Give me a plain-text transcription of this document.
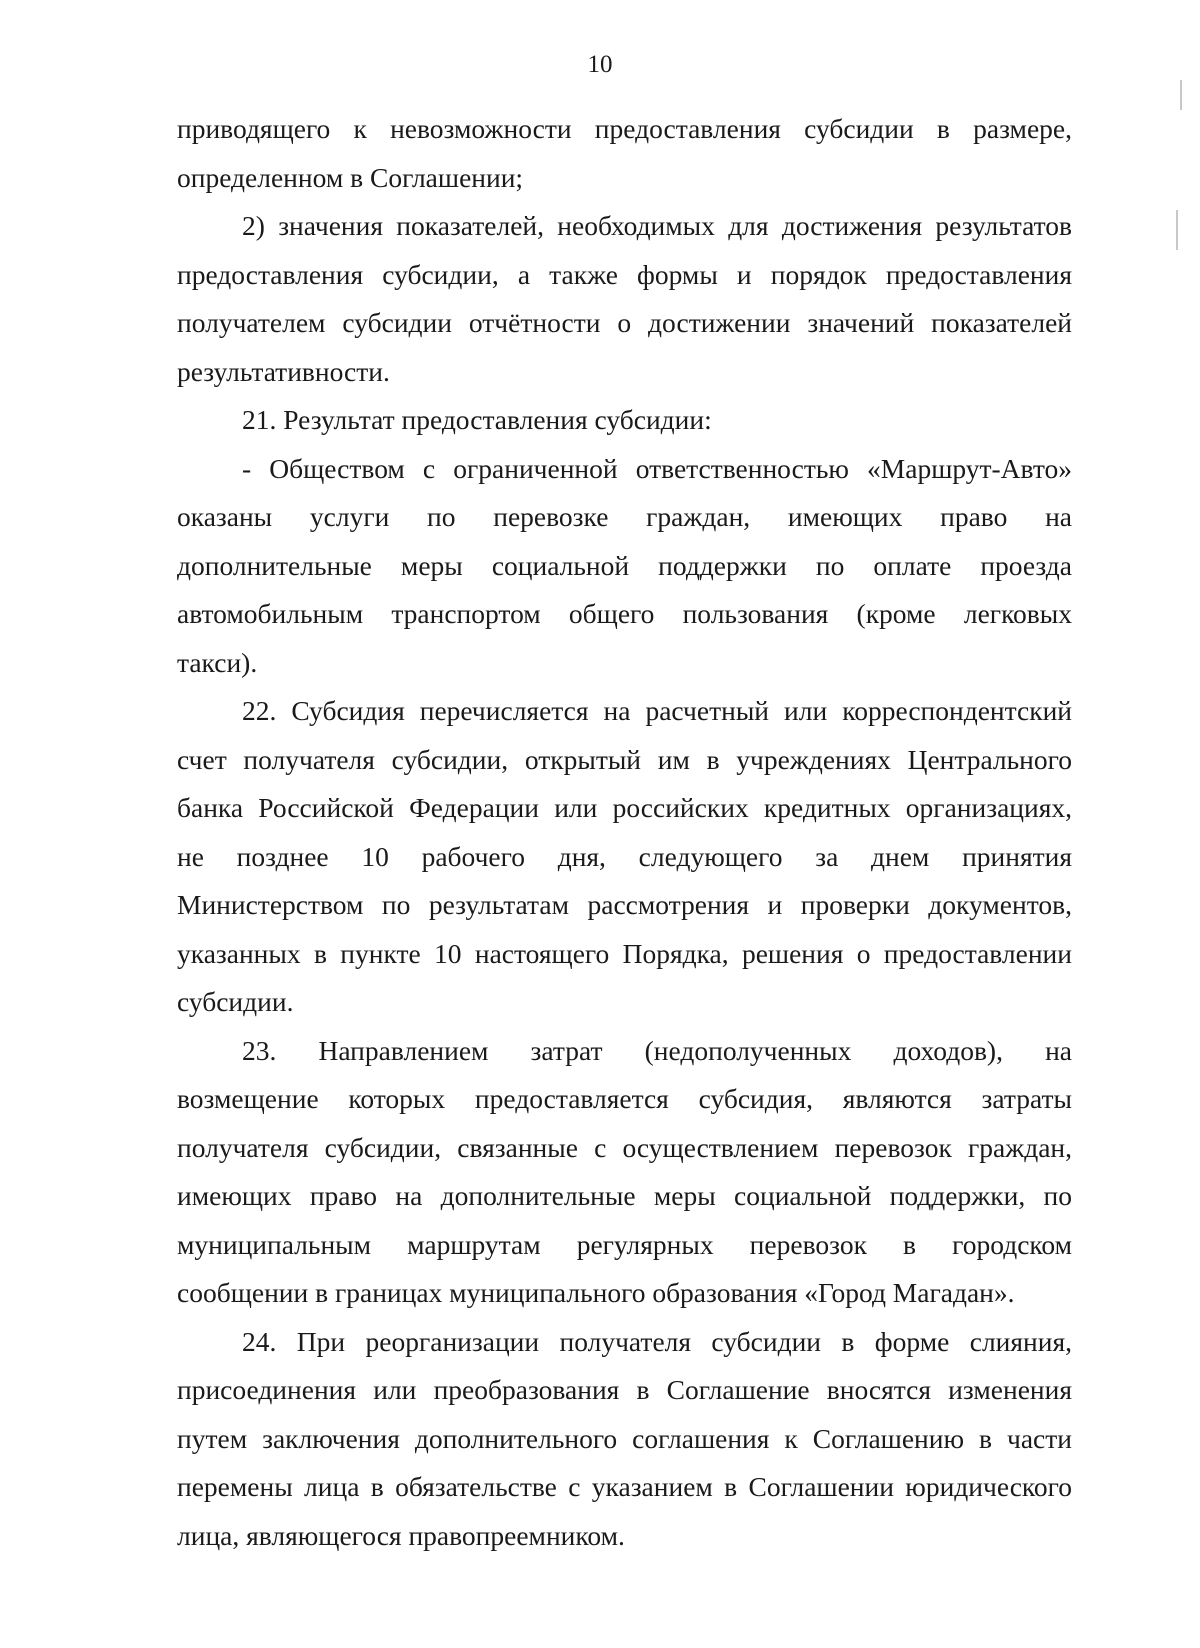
10
приводящего к невозможности предоставления субсидии в размере,
определенном в Соглашении;
2) значения показателей, необходимых для достижения результатов
предоставления субсидии, а также формы и порядок предоставления
получателем субсидии отчётности о достижении значений показателей
результативности.
21. Результат предоставления субсидии:
- Обществом с ограниченной ответственностью «Маршрут-Авто»
оказаны услуги по перевозке граждан, имеющих право на
дополнительные меры социальной поддержки по оплате проезда
автомобильным транспортом общего пользования (кроме легковых
такси).
22. Субсидия перечисляется на расчетный или корреспондентский
счет получателя субсидии, открытый им в учреждениях Центрального
банка Российской Федерации или российских кредитных организациях,
не позднее 10 рабочего дня, следующего за днем принятия
Министерством по результатам рассмотрения и проверки документов,
указанных в пункте 10 настоящего Порядка, решения о предоставлении
субсидии.
23. Направлением затрат (недополученных доходов), на
возмещение которых предоставляется субсидия, являются затраты
получателя субсидии, связанные с осуществлением перевозок граждан,
имеющих право на дополнительные меры социальной поддержки, по
муниципальным маршрутам регулярных перевозок в городском
сообщении в границах муниципального образования «Город Магадан».
24. При реорганизации получателя субсидии в форме слияния,
присоединения или преобразования в Соглашение вносятся изменения
путем заключения дополнительного соглашения к Соглашению в части
перемены лица в обязательстве с указанием в Соглашении юридического
лица, являющегося правопреемником.
